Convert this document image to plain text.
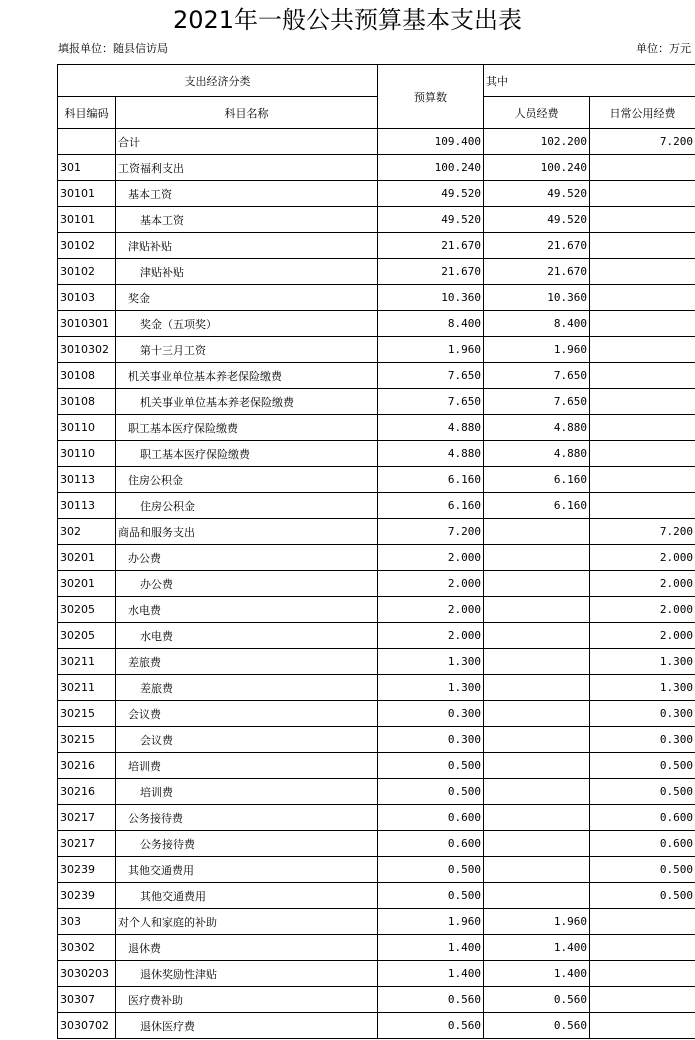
2021年一般公共预算基本支出表
填报单位：随县信访局	单位：万元
支出经济分类		预算数	其中	
科目编码	科目名称		人员经费	日常公用经费
	合计	109.400	102.200	7.200
301	工资福利支出	100.240	100.240	
30101	基本工资	49.520	49.520	
30101	基本工资	49.520	49.520	
30102	津贴补贴	21.670	21.670	
30102	津贴补贴	21.670	21.670	
30103	奖金	10.360	10.360	
3010301	奖金（五项奖）	8.400	8.400	
3010302	第十三月工资	1.960	1.960	
30108	机关事业单位基本养老保险缴费	7.650	7.650	
30108	机关事业单位基本养老保险缴费	7.650	7.650	
30110	职工基本医疗保险缴费	4.880	4.880	
30110	职工基本医疗保险缴费	4.880	4.880	
30113	住房公积金	6.160	6.160	
30113	住房公积金	6.160	6.160	
302	商品和服务支出	7.200		7.200
30201	办公费	2.000		2.000
30201	办公费	2.000		2.000
30205	水电费	2.000		2.000
30205	水电费	2.000		2.000
30211	差旅费	1.300		1.300
30211	差旅费	1.300		1.300
30215	会议费	0.300		0.300
30215	会议费	0.300		0.300
30216	培训费	0.500		0.500
30216	培训费	0.500		0.500
30217	公务接待费	0.600		0.600
30217	公务接待费	0.600		0.600
30239	其他交通费用	0.500		0.500
30239	其他交通费用	0.500		0.500
303	对个人和家庭的补助	1.960	1.960	
30302	退休费	1.400	1.400	
3030203	退休奖励性津贴	1.400	1.400	
30307	医疗费补助	0.560	0.560	
3030702	退休医疗费	0.560	0.560	
